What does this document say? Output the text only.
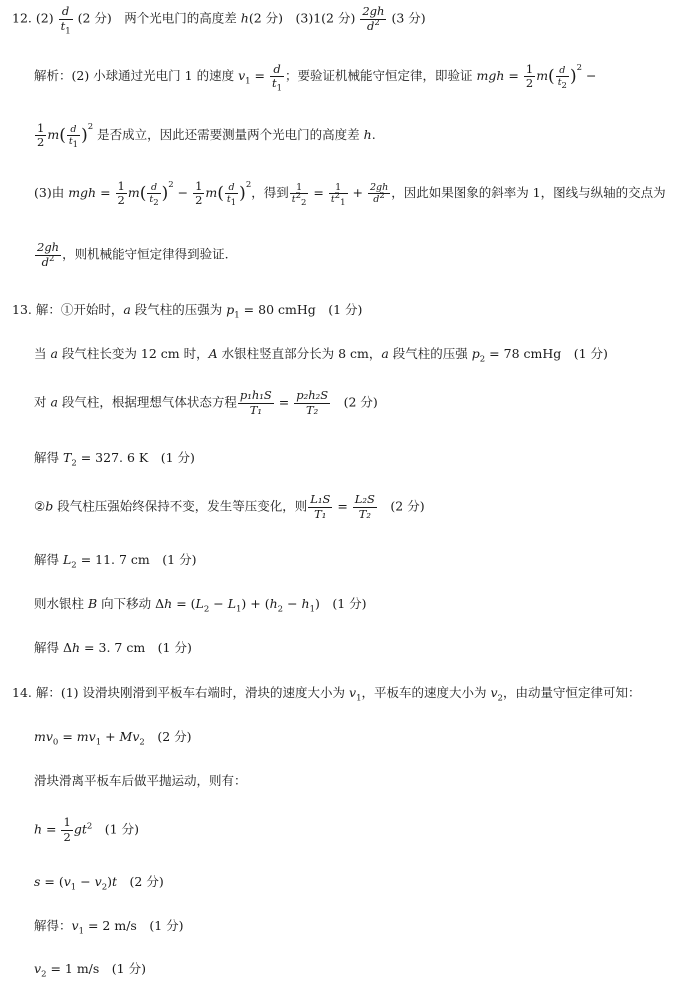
12. $(2) \frac{d}{t_1} (2$ 分)　两个光电门的高度差 h(2 分)　(3)1(2 分) $\frac{2gh}{d^2} (3$ 分)
解析：(2) 小球通过光电门 1 的速度 $v_1 = \frac{d}{t_1}$ ；要验证机械能守恒定律，即验证 mgh = $\frac{1}{2} m( \frac{d}{t_2} )^2$ −
$\frac{1}{2} m( \frac{d}{t_1} )^2$ 是否成立，因此还需要测量两个光电门的高度差 h.
(3)由 mgh = $\frac{1}{2} m( \frac{d}{t_2} )^2 - \frac{1}{2} m( \frac{d}{t_1} )^2$，得到 $\frac{1}{t^2_2} = \frac{1}{t^2_1} + \frac{2gh}{d^2}$ ，因此如果图象的斜率为 1，图线与纵轴的交点为
$\frac{2gh}{d^2}$ ，则机械能守恒定律得到验证.
13. 解：①开始时，a 段气柱的压强为 $p_1 = 80$ cmHg　(1 分)
当 a 段气柱长变为 12 cm 时，A 水银柱竖直部分长为 8 cm，a 段气柱的压强 $p_2 = 78$ cmHg　(1 分)
对 a 段气柱，根据理想气体状态方程 $\frac{\text{p₁h₁S}}{\text{T₁}} = \frac{\text{p₂h₂S}}{\text{T₂}}$ 　(2 分)
解得 $T_2 = 327$. 6 K　(1 分)
②b 段气柱压强始终保持不变，发生等压变化，则 $\frac{\text{L₁S}}{\text{T₁}} = \frac{\text{L₂S}}{\text{T₂}}$ 　(2 分)
解得 $L_2 = 11$. 7 cm　(1 分)
则水银柱 B 向下移动 $\Delta h = (L_2 - L_1) + (h_2 - h_1)$　(1 分)
解得 Δh = 3. 7 cm　(1 分)
14. 解：(1) 设滑块刚滑到平板车右端时，滑块的速度大小为 $v_1$，平板车的速度大小为 $v_2$，由动量守恒定律可知：
$mv_0 = mv_1 + Mv_2$　(2 分)
滑块滑离平板车后做平抛运动，则有：
$h = \frac{1}{2} gt^2$　(1 分)
$s = (v_1 - v_2)t$　(2 分)
解得：$v_1 = 2$ m/s　(1 分)
$v_2 = 1$ m/s　(1 分)
